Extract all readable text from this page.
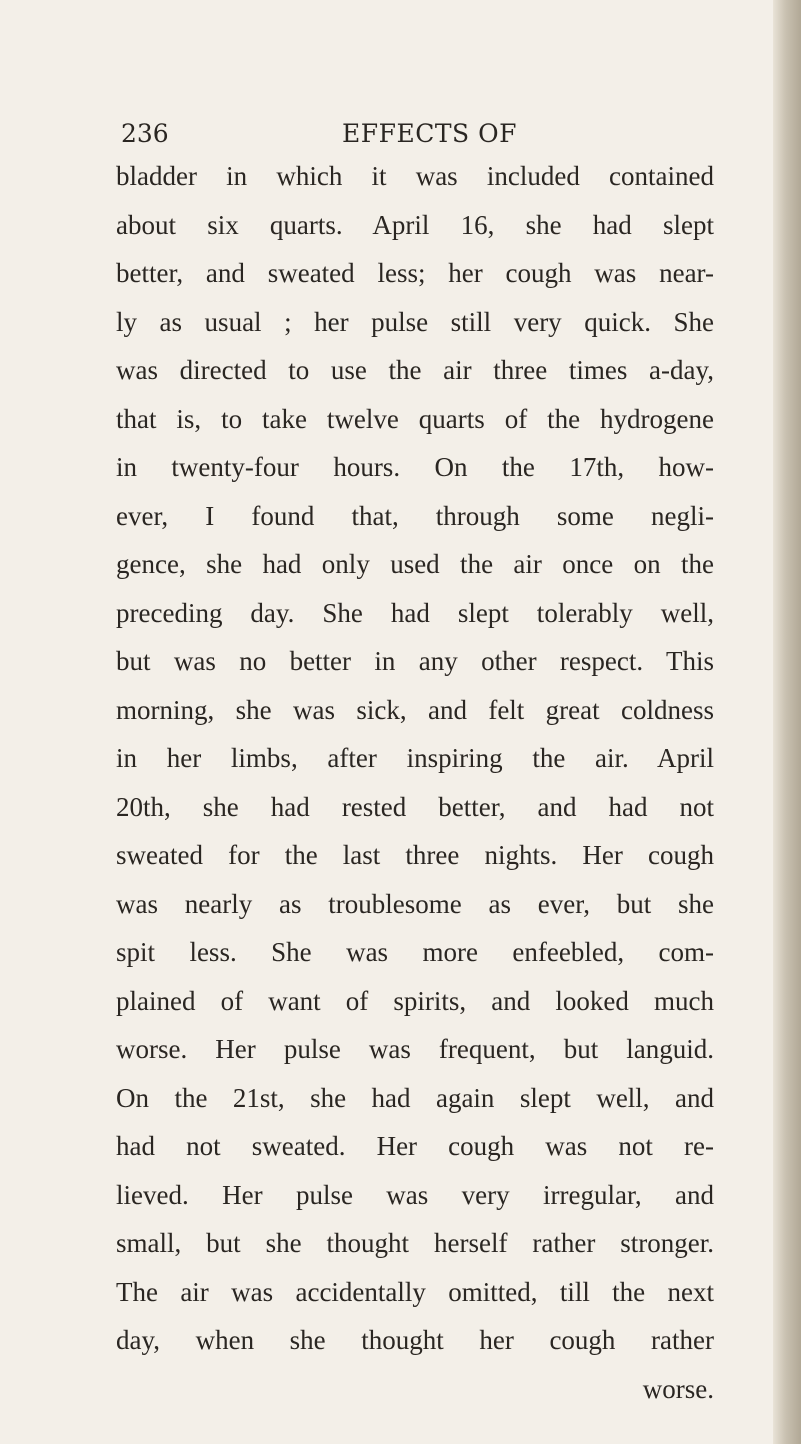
236	EFFECTS OF
bladder in which it was included contained
about six quarts. April 16, she had slept
better, and sweated less; her cough was near-
ly as usual ; her pulse still very quick. She
was directed to use the air three times a-day,
that is, to take twelve quarts of the hydrogene
in twenty-four hours. On the 17th, how-
ever, I found that, through some negli-
gence, she had only used the air once on the
preceding day. She had slept tolerably well,
but was no better in any other respect. This
morning, she was sick, and felt great coldness
in her limbs, after inspiring the air. April
20th, she had rested better, and had not
sweated for the last three nights. Her cough
was nearly as troublesome as ever, but she
spit less. She was more enfeebled, com-
plained of want of spirits, and looked much
worse. Her pulse was frequent, but languid.
On the 21st, she had again slept well, and
had not sweated. Her cough was not re-
lieved. Her pulse was very irregular, and
small, but she thought herself rather stronger.
The air was accidentally omitted, till the next
day, when she thought her cough rather
worse.
